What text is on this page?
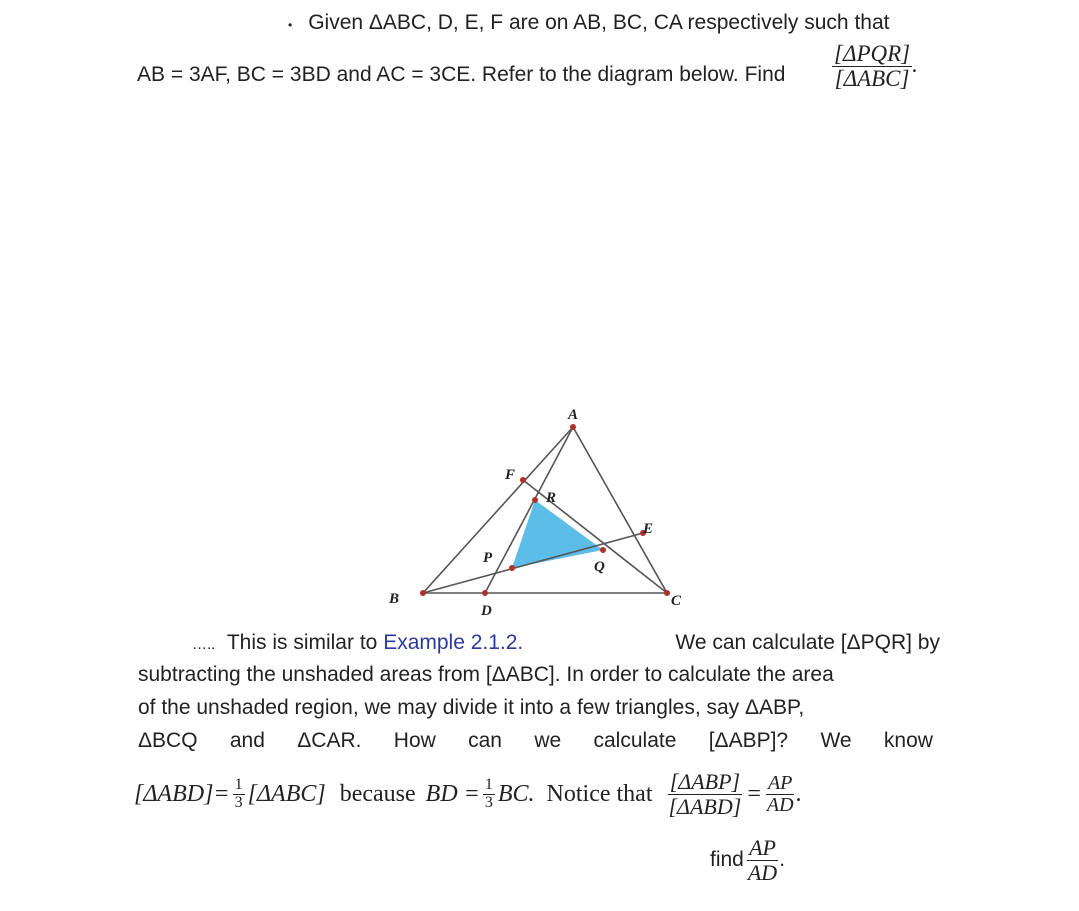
• Given ΔABC, D, E, F are on AB, BC, CA respectively such that
AB = 3AF, BC = 3BD and AC = 3CE. Refer to the diagram below. Find $\frac{\text{[ΔPQR]}}{\text{[ΔABC]}}$ .
A
B	C
D
E
F
P
Q
R
….. This is similar to Example 2.1.2.	We can calculate [ΔPQR] by
subtracting the unshaded areas from [ΔABC]. In order to calculate the area
of the unshaded region, we may divide it into a few triangles, say ΔABP,
ΔBCQ and ΔCAR. How can we calculate [ΔABP]? We know
$[\Delta ABD]= \frac{1}{3} [\Delta ABC]$ because BD = $\frac{1}{3}$ BC. Notice that $\frac{\text{[ΔABP]}}{\text{[ΔABD]}} = \frac{AP}{AD}$ .
find $\frac{AP}{AD}$ .
